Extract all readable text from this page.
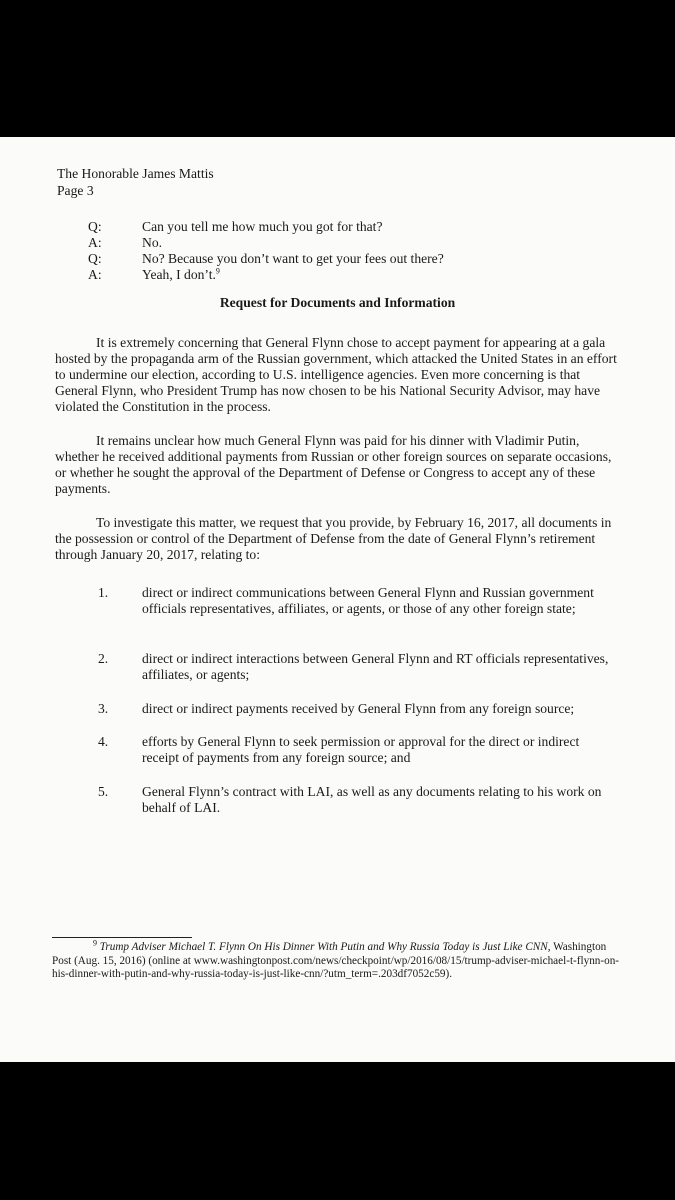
The Honorable James Mattis
Page 3
Q:	Can you tell me how much you got for that?
A:	No.
Q:	No? Because you don’t want to get your fees out there?
A:	Yeah, I don’t.$^9$
Request for Documents and Information
It is extremely concerning that General Flynn chose to accept payment for appearing at a gala hosted by the propaganda arm of the Russian government, which attacked the United States in an effort to undermine our election, according to U.S. intelligence agencies. Even more concerning is that General Flynn, who President Trump has now chosen to be his National Security Advisor, may have violated the Constitution in the process.
It remains unclear how much General Flynn was paid for his dinner with Vladimir Putin, whether he received additional payments from Russian or other foreign sources on separate occasions, or whether he sought the approval of the Department of Defense or Congress to accept any of these payments.
To investigate this matter, we request that you provide, by February 16, 2017, all documents in the possession or control of the Department of Defense from the date of General Flynn’s retirement through January 20, 2017, relating to:
1.	direct or indirect communications between General Flynn and Russian government officials representatives, affiliates, or agents, or those of any other foreign state;
2.	direct or indirect interactions between General Flynn and RT officials representatives, affiliates, or agents;
3.	direct or indirect payments received by General Flynn from any foreign source;
4.	efforts by General Flynn to seek permission or approval for the direct or indirect receipt of payments from any foreign source; and
5.	General Flynn’s contract with LAI, as well as any documents relating to his work on behalf of LAI.
$^9$ Trump Adviser Michael T. Flynn On His Dinner With Putin and Why Russia Today is Just Like CNN, Washington Post (Aug. 15, 2016) (online at www.washingtonpost.com/news/checkpoint/wp/2016/08/15/trump-adviser-michael-t-flynn-on-his-dinner-with-putin-and-why-russia-today-is-just-like-cnn/?utm_term=.203df7052c59).
